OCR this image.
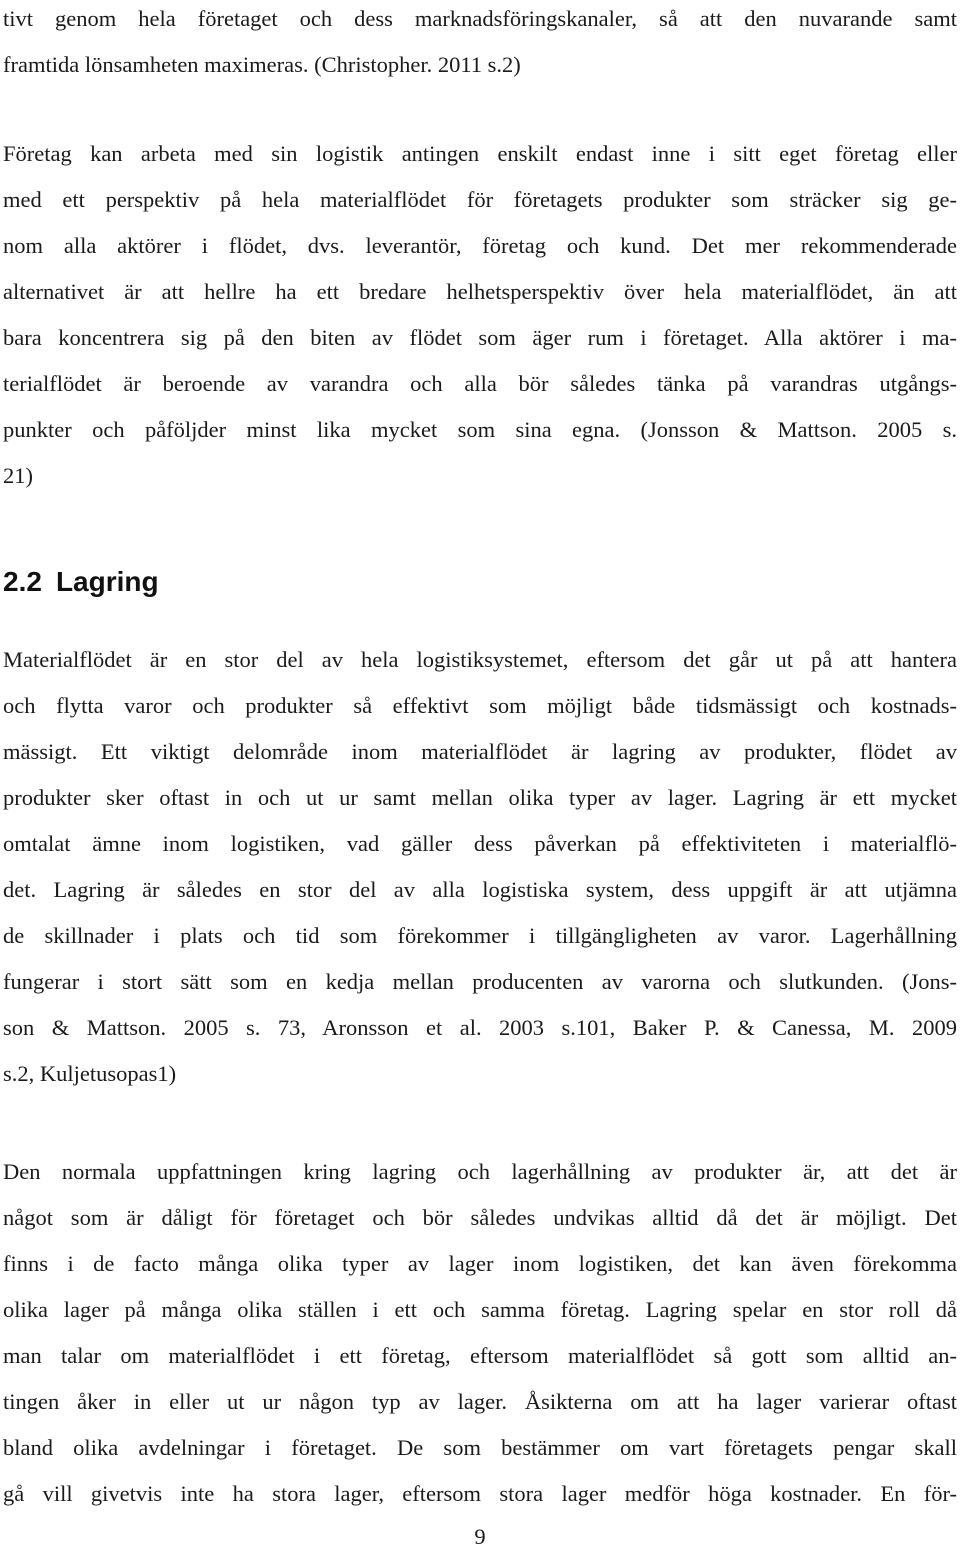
tivt genom hela företaget och dess marknadsföringskanaler, så att den nuvarande samt
framtida lönsamheten maximeras. (Christopher. 2011 s.2)

Företag kan arbeta med sin logistik antingen enskilt endast inne i sitt eget företag eller
med ett perspektiv på hela materialflödet för företagets produkter som sträcker sig ge-
nom alla aktörer i flödet, dvs. leverantör, företag och kund. Det mer rekommenderade
alternativet är att hellre ha ett bredare helhetsperspektiv över hela materialflödet, än att
bara koncentrera sig på den biten av flödet som äger rum i företaget. Alla aktörer i ma-
terialflödet är beroende av varandra och alla bör således tänka på varandras utgångs-
punkter och påföljder minst lika mycket som sina egna. (Jonsson & Mattson. 2005 s.
21)

2.2 Lagring

Materialflödet är en stor del av hela logistiksystemet, eftersom det går ut på att hantera
och flytta varor och produkter så effektivt som möjligt både tidsmässigt och kostnads-
mässigt. Ett viktigt delområde inom materialflödet är lagring av produkter, flödet av
produkter sker oftast in och ut ur samt mellan olika typer av lager. Lagring är ett mycket
omtalat ämne inom logistiken, vad gäller dess påverkan på effektiviteten i materialflö-
det. Lagring är således en stor del av alla logistiska system, dess uppgift är att utjämna
de skillnader i plats och tid som förekommer i tillgängligheten av varor. Lagerhållning
fungerar i stort sätt som en kedja mellan producenten av varorna och slutkunden. (Jons-
son & Mattson. 2005 s. 73, Aronsson et al. 2003 s.101, Baker P. & Canessa, M. 2009
s.2, Kuljetusopas1)

Den normala uppfattningen kring lagring och lagerhållning av produkter är, att det är
något som är dåligt för företaget och bör således undvikas alltid då det är möjligt. Det
finns i de facto många olika typer av lager inom logistiken, det kan även förekomma
olika lager på många olika ställen i ett och samma företag. Lagring spelar en stor roll då
man talar om materialflödet i ett företag, eftersom materialflödet så gott som alltid an-
tingen åker in eller ut ur någon typ av lager. Åsikterna om att ha lager varierar oftast
bland olika avdelningar i företaget. De som bestämmer om vart företagets pengar skall
gå vill givetvis inte ha stora lager, eftersom stora lager medför höga kostnader. En för-

9
